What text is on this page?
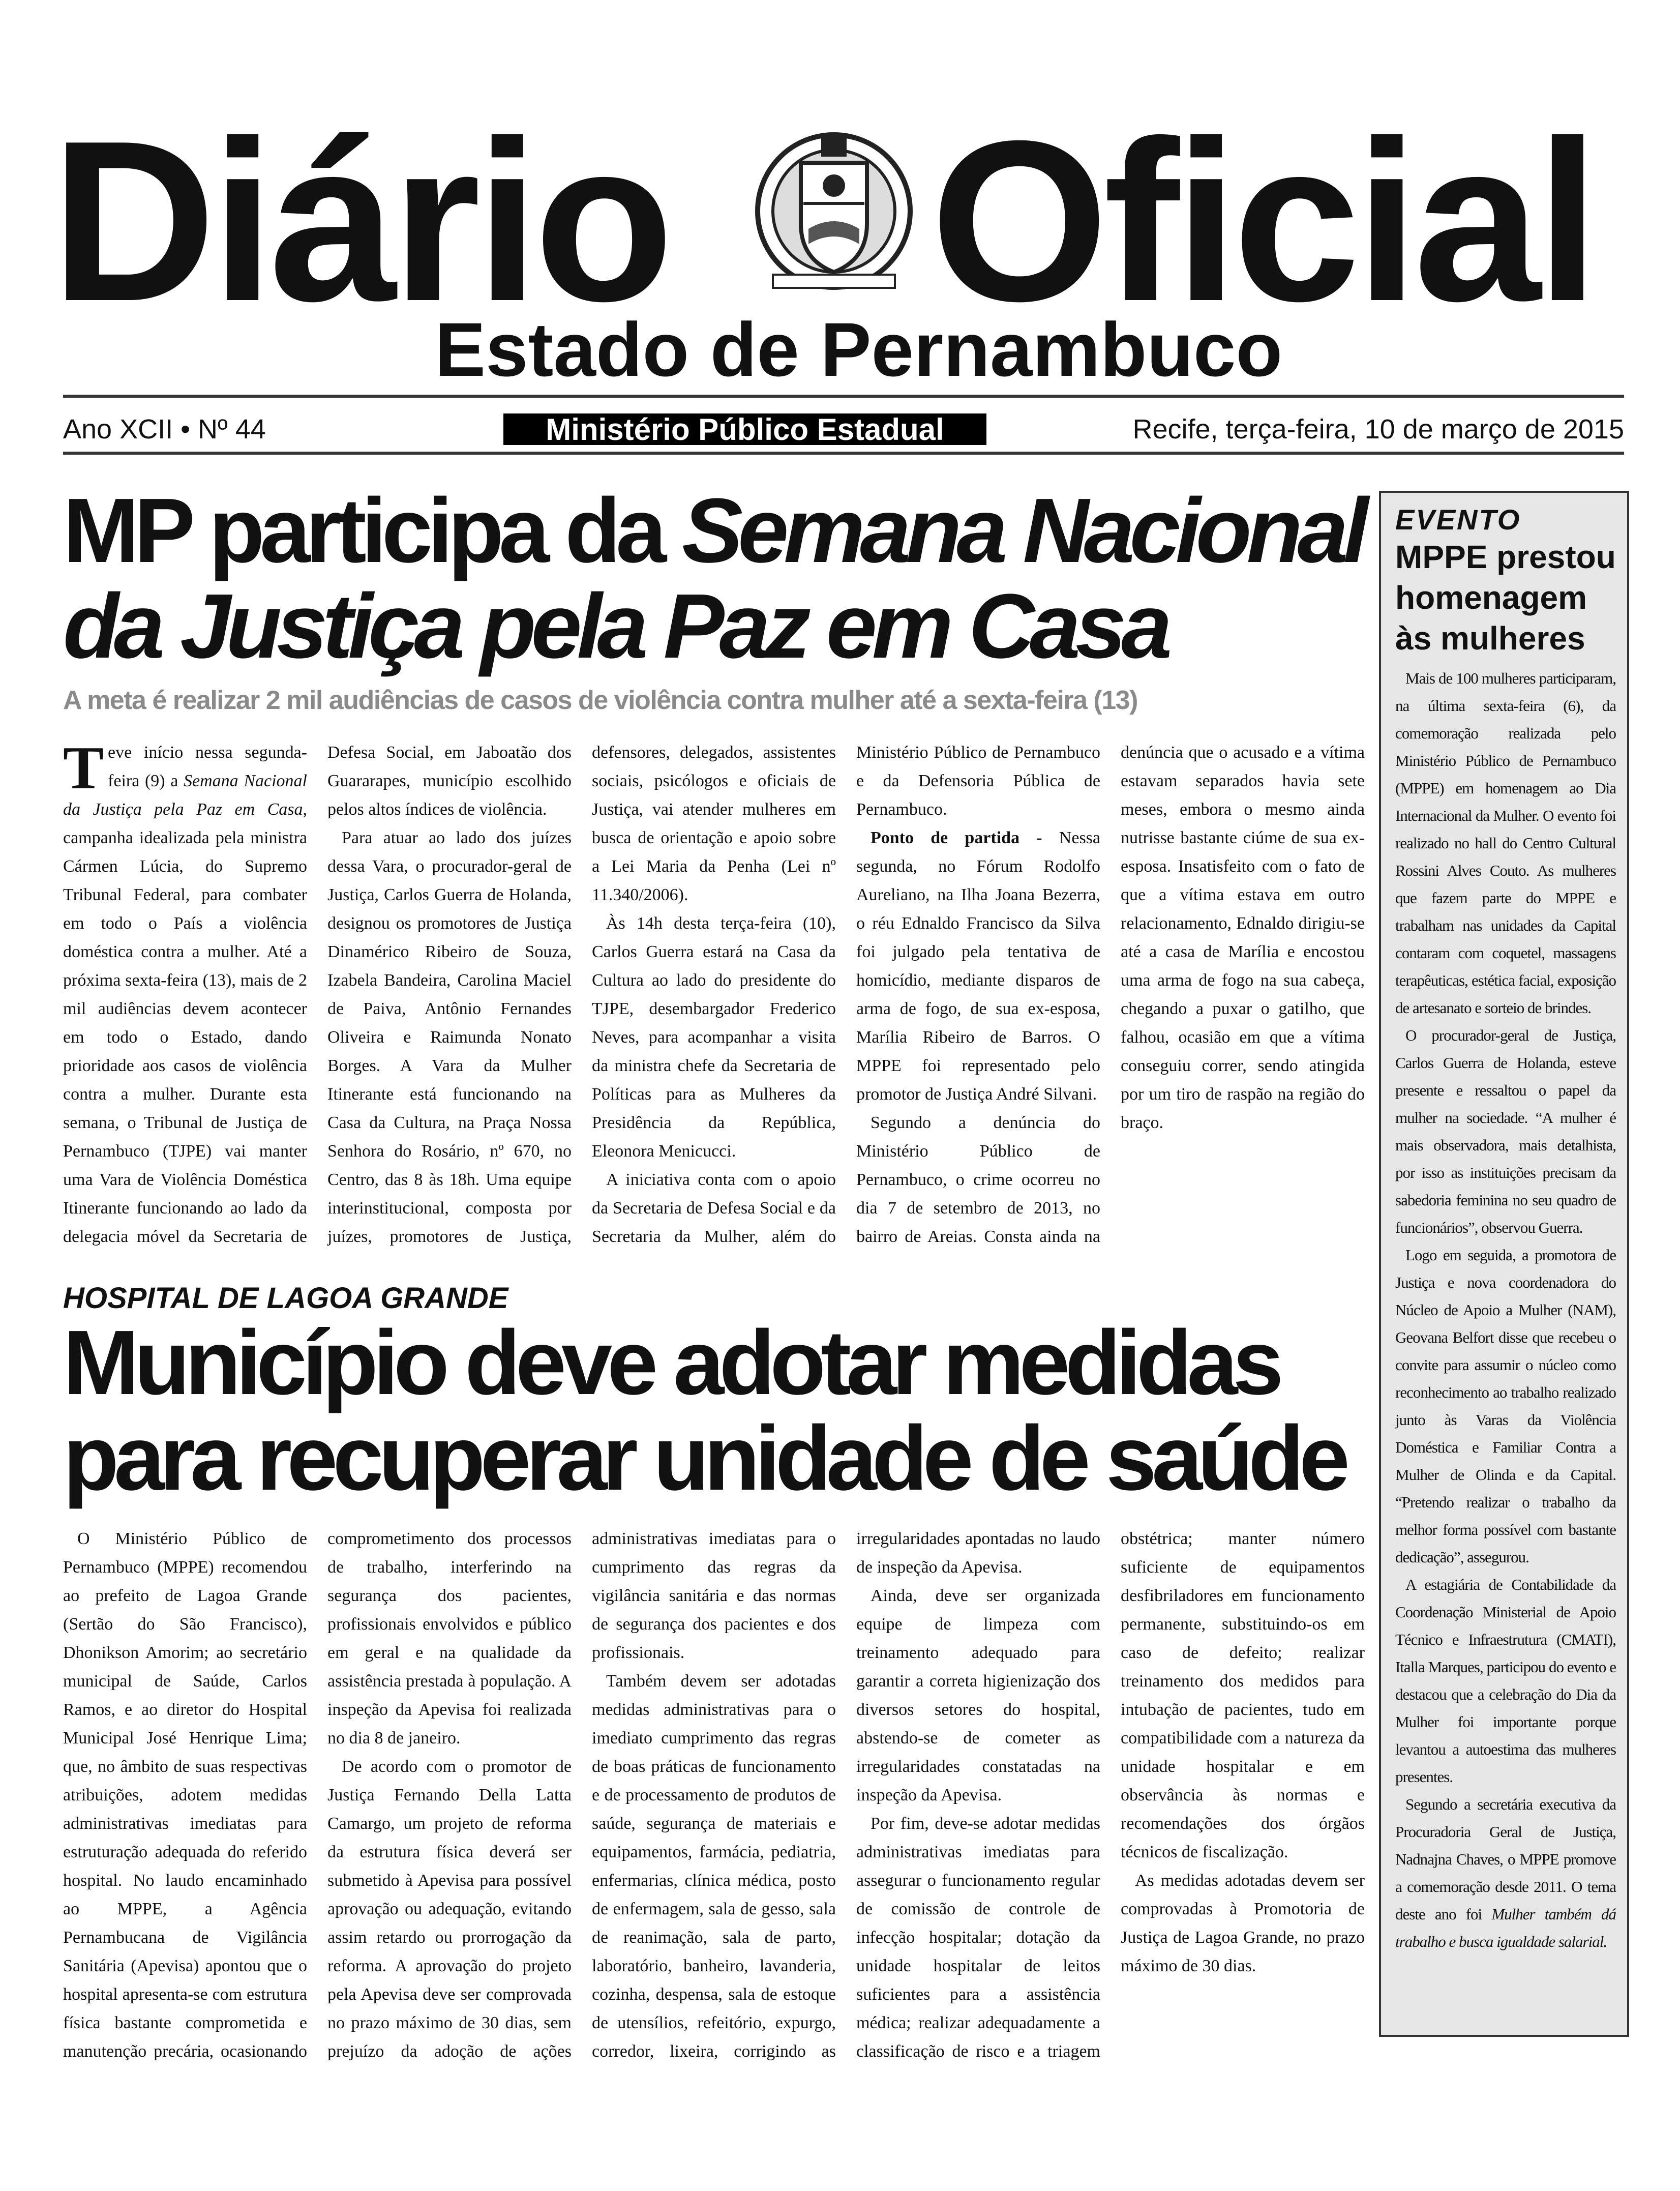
Diário Oficial
Estado de Pernambuco
Ano XCII • Nº 44	Ministério Público Estadual	Recife, terça-feira, 10 de março de 2015
MP participa da Semana Nacional
da Justiça pela Paz em Casa
A meta é realizar 2 mil audiências de casos de violência contra mulher até a sexta-feira (13)

Teve início nessa segunda-feira (9) a Semana Nacional da Justiça pela Paz em Casa, campanha idealizada pela ministra Cármen Lúcia, do Supremo Tribunal Federal, para combater em todo o País a violência doméstica contra a mulher. Até a próxima sexta-feira (13), mais de 2 mil audiências devem acontecer em todo o Estado, dando prioridade aos casos de violência contra a mulher. Durante esta semana, o Tribunal de Justiça de Pernambuco (TJPE) vai manter uma Vara de Violência Doméstica Itinerante funcionando ao lado da delegacia móvel da Secretaria de Defesa Social, em Jaboatão dos Guararapes, município escolhido pelos altos índices de violência.

Para atuar ao lado dos juízes dessa Vara, o procurador-geral de Justiça, Carlos Guerra de Holanda, designou os promotores de Justiça Dinamérico Ribeiro de Souza, Izabela Bandeira, Carolina Maciel de Paiva, Antônio Fernandes Oliveira e Raimunda Nonato Borges. A Vara da Mulher Itinerante está funcionando na Casa da Cultura, na Praça Nossa Senhora do Rosário, nº 670, no Centro, das 8 às 18h. Uma equipe interinstitucional, composta por juízes, promotores de Justiça, defensores, delegados, assistentes sociais, psicólogos e oficiais de Justiça, vai atender mulheres em busca de orientação e apoio sobre a Lei Maria da Penha (Lei nº 11.340/2006).

Às 14h desta terça-feira (10), Carlos Guerra estará na Casa da Cultura ao lado do presidente do TJPE, desembargador Frederico Neves, para acompanhar a visita da ministra chefe da Secretaria de Políticas para as Mulheres da Presidência da República, Eleonora Menicucci.

A iniciativa conta com o apoio da Secretaria de Defesa Social e da Secretaria da Mulher, além do Ministério Público de Pernambuco e da Defensoria Pública de Pernambuco.

Ponto de partida - Nessa segunda, no Fórum Rodolfo Aureliano, na Ilha Joana Bezerra, o réu Ednaldo Francisco da Silva foi julgado pela tentativa de homicídio, mediante disparos de arma de fogo, de sua ex-esposa, Marília Ribeiro de Barros. O MPPE foi representado pelo promotor de Justiça André Silvani.

Segundo a denúncia do Ministério Público de Pernambuco, o crime ocorreu no dia 7 de setembro de 2013, no bairro de Areias. Consta ainda na denúncia que o acusado e a vítima estavam separados havia sete meses, embora o mesmo ainda nutrisse bastante ciúme de sua ex-esposa. Insatisfeito com o fato de que a vítima estava em outro relacionamento, Ednaldo dirigiu-se até a casa de Marília e encostou uma arma de fogo na sua cabeça, chegando a puxar o gatilho, que falhou, ocasião em que a vítima conseguiu correr, sendo atingida por um tiro de raspão na região do braço.

HOSPITAL DE LAGOA GRANDE
Município deve adotar medidas
para recuperar unidade de saúde

O Ministério Público de Pernambuco (MPPE) recomendou ao prefeito de Lagoa Grande (Sertão do São Francisco), Dhonikson Amorim; ao secretário municipal de Saúde, Carlos Ramos, e ao diretor do Hospital Municipal José Henrique Lima; que, no âmbito de suas respectivas atribuições, adotem medidas administrativas imediatas para estruturação adequada do referido hospital. No laudo encaminhado ao MPPE, a Agência Pernambucana de Vigilância Sanitária (Apevisa) apontou que o hospital apresenta-se com estrutura física bastante comprometida e manutenção precária, ocasionando comprometimento dos processos de trabalho, interferindo na segurança dos pacientes, profissionais envolvidos e público em geral e na qualidade da assistência prestada à população. A inspeção da Apevisa foi realizada no dia 8 de janeiro.

De acordo com o promotor de Justiça Fernando Della Latta Camargo, um projeto de reforma da estrutura física deverá ser submetido à Apevisa para possível aprovação ou adequação, evitando assim retardo ou prorrogação da reforma. A aprovação do projeto pela Apevisa deve ser comprovada no prazo máximo de 30 dias, sem prejuízo da adoção de ações administrativas imediatas para o cumprimento das regras da vigilância sanitária e das normas de segurança dos pacientes e dos profissionais.

Também devem ser adotadas medidas administrativas para o imediato cumprimento das regras de boas práticas de funcionamento e de processamento de produtos de saúde, segurança de materiais e equipamentos, farmácia, pediatria, enfermarias, clínica médica, posto de enfermagem, sala de gesso, sala de reanimação, sala de parto, laboratório, banheiro, lavanderia, cozinha, despensa, sala de estoque de utensílios, refeitório, expurgo, corredor, lixeira, corrigindo as irregularidades apontadas no laudo de inspeção da Apevisa.

Ainda, deve ser organizada equipe de limpeza com treinamento adequado para garantir a correta higienização dos diversos setores do hospital, abstendo-se de cometer as irregularidades constatadas na inspeção da Apevisa.

Por fim, deve-se adotar medidas administrativas imediatas para assegurar o funcionamento regular de comissão de controle de infecção hospitalar; dotação da unidade hospitalar de leitos suficientes para a assistência médica; realizar adequadamente a classificação de risco e a triagem obstétrica; manter número suficiente de equipamentos desfibriladores em funcionamento permanente, substituindo-os em caso de defeito; realizar treinamento dos medidos para intubação de pacientes, tudo em compatibilidade com a natureza da unidade hospitalar e em observância às normas e recomendações dos órgãos técnicos de fiscalização.

As medidas adotadas devem ser comprovadas à Promotoria de Justiça de Lagoa Grande, no prazo máximo de 30 dias.

EVENTO
MPPE prestou
homenagem
às mulheres

Mais de 100 mulheres participaram, na última sexta-feira (6), da comemoração realizada pelo Ministério Público de Pernambuco (MPPE) em homenagem ao Dia Internacional da Mulher. O evento foi realizado no hall do Centro Cultural Rossini Alves Couto. As mulheres que fazem parte do MPPE e trabalham nas unidades da Capital contaram com coquetel, massagens terapêuticas, estética facial, exposição de artesanato e sorteio de brindes.

O procurador-geral de Justiça, Carlos Guerra de Holanda, esteve presente e ressaltou o papel da mulher na sociedade. “A mulher é mais observadora, mais detalhista, por isso as instituições precisam da sabedoria feminina no seu quadro de funcionários”, observou Guerra.

Logo em seguida, a promotora de Justiça e nova coordenadora do Núcleo de Apoio a Mulher (NAM), Geovana Belfort disse que recebeu o convite para assumir o núcleo como reconhecimento ao trabalho realizado junto às Varas da Violência Doméstica e Familiar Contra a Mulher de Olinda e da Capital. “Pretendo realizar o trabalho da melhor forma possível com bastante dedicação”, assegurou.

A estagiária de Contabilidade da Coordenação Ministerial de Apoio Técnico e Infraestrutura (CMATI), Italla Marques, participou do evento e destacou que a celebração do Dia da Mulher foi importante porque levantou a autoestima das mulheres presentes.

Segundo a secretária executiva da Procuradoria Geral de Justiça, Nadnajna Chaves, o MPPE promove a comemoração desde 2011. O tema deste ano foi Mulher também dá trabalho e busca igualdade salarial.
